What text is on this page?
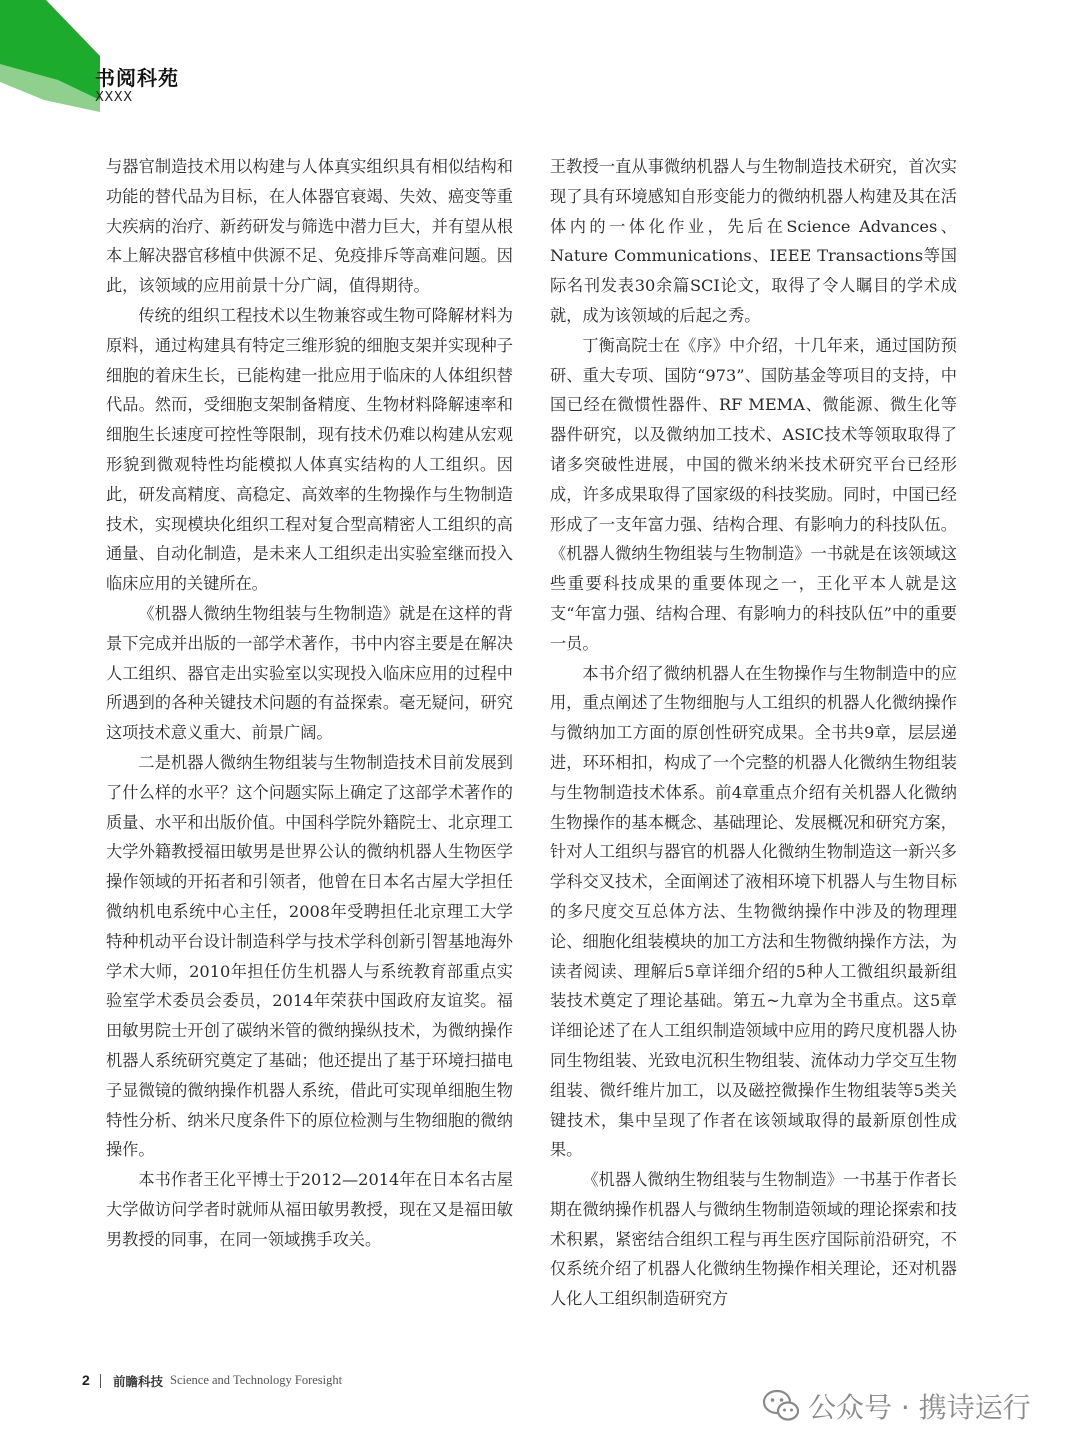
书阅科苑
XXXX

与器官制造技术用以构建与人体真实组织具有相似结构和功能的替代品为目标，在人体器官衰竭、失效、癌变等重大疾病的治疗、新药研发与筛选中潜力巨大，并有望从根本上解决器官移植中供源不足、免疫排斥等高难问题。因此，该领域的应用前景十分广阔，值得期待。

传统的组织工程技术以生物兼容或生物可降解材料为原料，通过构建具有特定三维形貌的细胞支架并实现种子细胞的着床生长，已能构建一批应用于临床的人体组织替代品。然而，受细胞支架制备精度、生物材料降解速率和细胞生长速度可控性等限制，现有技术仍难以构建从宏观形貌到微观特性均能模拟人体真实结构的人工组织。因此，研发高精度、高稳定、高效率的生物操作与生物制造技术，实现模块化组织工程对复合型高精密人工组织的高通量、自动化制造，是未来人工组织走出实验室继而投入临床应用的关键所在。

《机器人微纳生物组装与生物制造》就是在这样的背景下完成并出版的一部学术著作，书中内容主要是在解决人工组织、器官走出实验室以实现投入临床应用的过程中所遇到的各种关键技术问题的有益探索。毫无疑问，研究这项技术意义重大、前景广阔。

二是机器人微纳生物组装与生物制造技术目前发展到了什么样的水平？这个问题实际上确定了这部学术著作的质量、水平和出版价值。中国科学院外籍院士、北京理工大学外籍教授福田敏男是世界公认的微纳机器人生物医学操作领域的开拓者和引领者，他曾在日本名古屋大学担任微纳机电系统中心主任，2008年受聘担任北京理工大学特种机动平台设计制造科学与技术学科创新引智基地海外学术大师，2010年担任仿生机器人与系统教育部重点实验室学术委员会委员，2014年荣获中国政府友谊奖。福田敏男院士开创了碳纳米管的微纳操纵技术，为微纳操作机器人系统研究奠定了基础；他还提出了基于环境扫描电子显微镜的微纳操作机器人系统，借此可实现单细胞生物特性分析、纳米尺度条件下的原位检测与生物细胞的微纳操作。

本书作者王化平博士于2012—2014年在日本名古屋大学做访问学者时就师从福田敏男教授，现在又是福田敏男教授的同事，在同一领域携手攻关。

王教授一直从事微纳机器人与生物制造技术研究，首次实现了具有环境感知自形变能力的微纳机器人构建及其在活体内的一体化作业，先后在Science Advances、Nature Communications、IEEE Transactions等国际名刊发表30余篇SCI论文，取得了令人瞩目的学术成就，成为该领域的后起之秀。

丁衡高院士在《序》中介绍，十几年来，通过国防预研、重大专项、国防“973”、国防基金等项目的支持，中国已经在微惯性器件、RF MEMA、微能源、微生化等器件研究，以及微纳加工技术、ASIC技术等领取取得了诸多突破性进展，中国的微米纳米技术研究平台已经形成，许多成果取得了国家级的科技奖励。同时，中国已经形成了一支年富力强、结构合理、有影响力的科技队伍。《机器人微纳生物组装与生物制造》一书就是在该领域这些重要科技成果的重要体现之一，王化平本人就是这支“年富力强、结构合理、有影响力的科技队伍”中的重要一员。

本书介绍了微纳机器人在生物操作与生物制造中的应用，重点阐述了生物细胞与人工组织的机器人化微纳操作与微纳加工方面的原创性研究成果。全书共9章，层层递进，环环相扣，构成了一个完整的机器人化微纳生物组装与生物制造技术体系。前4章重点介绍有关机器人化微纳生物操作的基本概念、基础理论、发展概况和研究方案，针对人工组织与器官的机器人化微纳生物制造这一新兴多学科交叉技术，全面阐述了液相环境下机器人与生物目标的多尺度交互总体方法、生物微纳操作中涉及的物理理论、细胞化组装模块的加工方法和生物微纳操作方法，为读者阅读、理解后5章详细介绍的5种人工微组织最新组装技术奠定了理论基础。第五~九章为全书重点。这5章详细论述了在人工组织制造领域中应用的跨尺度机器人协同生物组装、光致电沉积生物组装、流体动力学交互生物组装、微纤维片加工，以及磁控微操作生物组装等5类关键技术，集中呈现了作者在该领域取得的最新原创性成果。

《机器人微纳生物组装与生物制造》一书基于作者长期在微纳操作机器人与微纳生物制造领域的理论探索和技术积累，紧密结合组织工程与再生医疗国际前沿研究，不仅系统介绍了机器人化微纳生物操作相关理论，还对机器人化人工组织制造研究方

2 前瞻科技 Science and Technology Foresight
公众号 · 携诗运行
